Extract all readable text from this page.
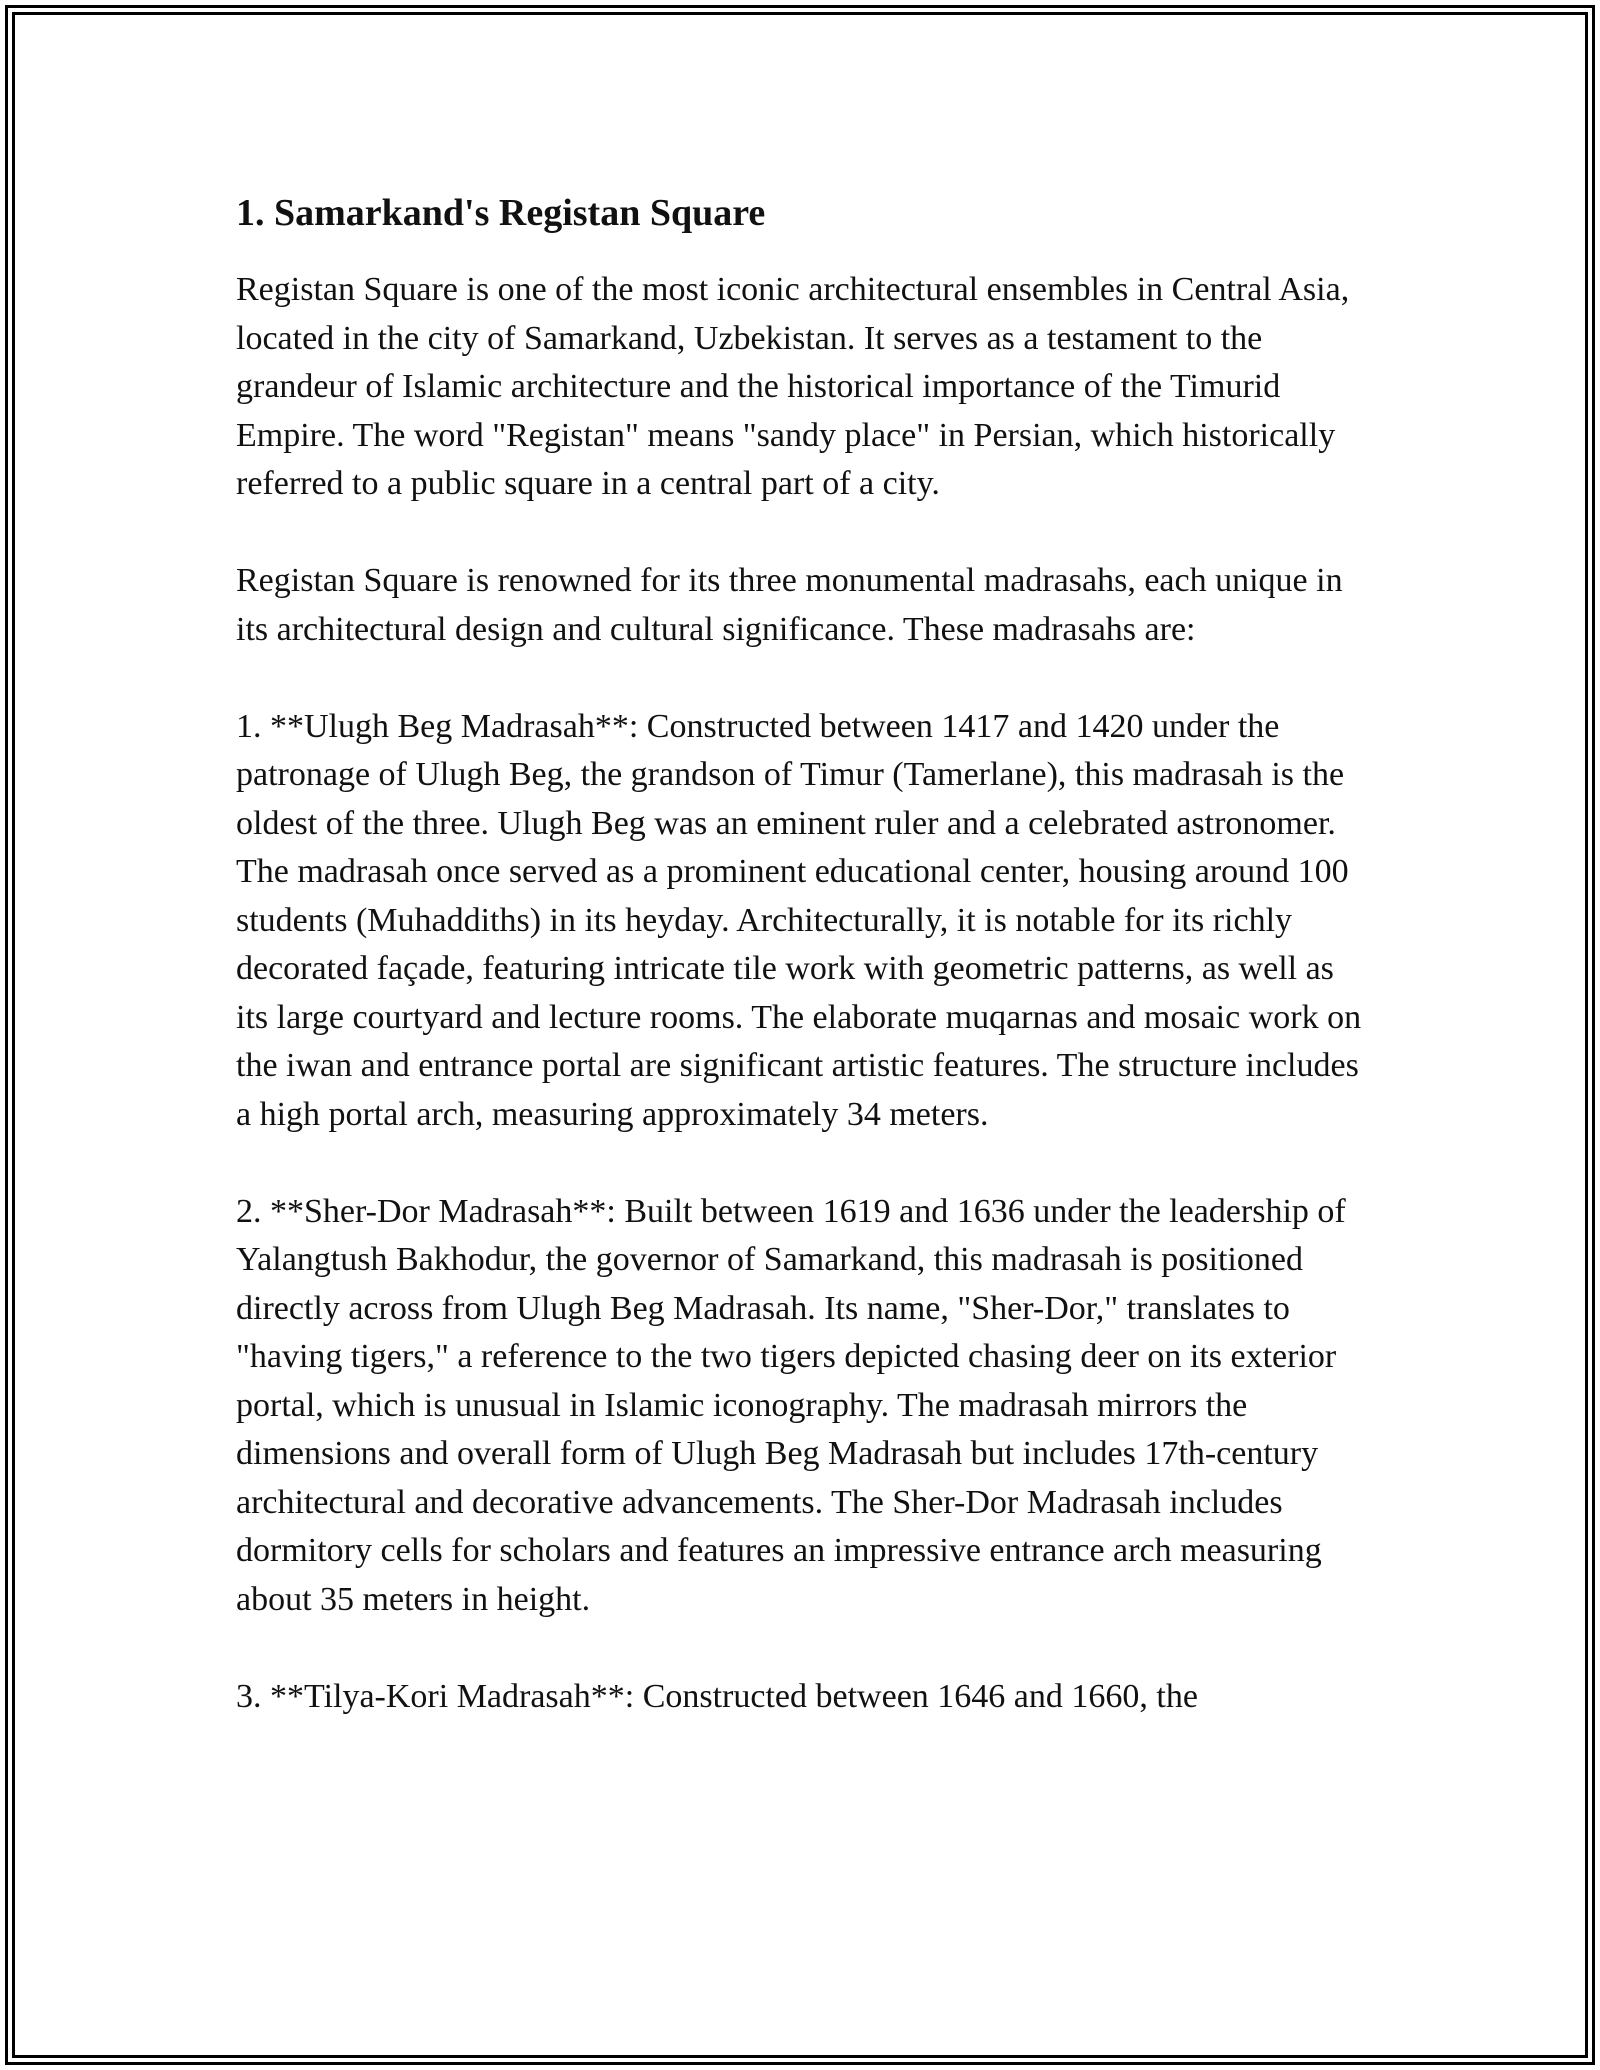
1. Samarkand's Registan Square
Registan Square is one of the most iconic architectural ensembles in Central Asia, located in the city of Samarkand, Uzbekistan. It serves as a testament to the grandeur of Islamic architecture and the historical importance of the Timurid Empire. The word "Registan" means "sandy place" in Persian, which historically referred to a public square in a central part of a city.

Registan Square is renowned for its three monumental madrasahs, each unique in its architectural design and cultural significance. These madrasahs are:

1. **Ulugh Beg Madrasah**: Constructed between 1417 and 1420 under the patronage of Ulugh Beg, the grandson of Timur (Tamerlane), this madrasah is the oldest of the three. Ulugh Beg was an eminent ruler and a celebrated astronomer. The madrasah once served as a prominent educational center, housing around 100 students (Muhaddiths) in its heyday. Architecturally, it is notable for its richly decorated façade, featuring intricate tile work with geometric patterns, as well as its large courtyard and lecture rooms. The elaborate muqarnas and mosaic work on the iwan and entrance portal are significant artistic features. The structure includes a high portal arch, measuring approximately 34 meters.

2. **Sher-Dor Madrasah**: Built between 1619 and 1636 under the leadership of Yalangtush Bakhodur, the governor of Samarkand, this madrasah is positioned directly across from Ulugh Beg Madrasah. Its name, "Sher-Dor," translates to "having tigers," a reference to the two tigers depicted chasing deer on its exterior portal, which is unusual in Islamic iconography. The madrasah mirrors the dimensions and overall form of Ulugh Beg Madrasah but includes 17th-century architectural and decorative advancements. The Sher-Dor Madrasah includes dormitory cells for scholars and features an impressive entrance arch measuring about 35 meters in height.

3. **Tilya-Kori Madrasah**: Constructed between 1646 and 1660, the
